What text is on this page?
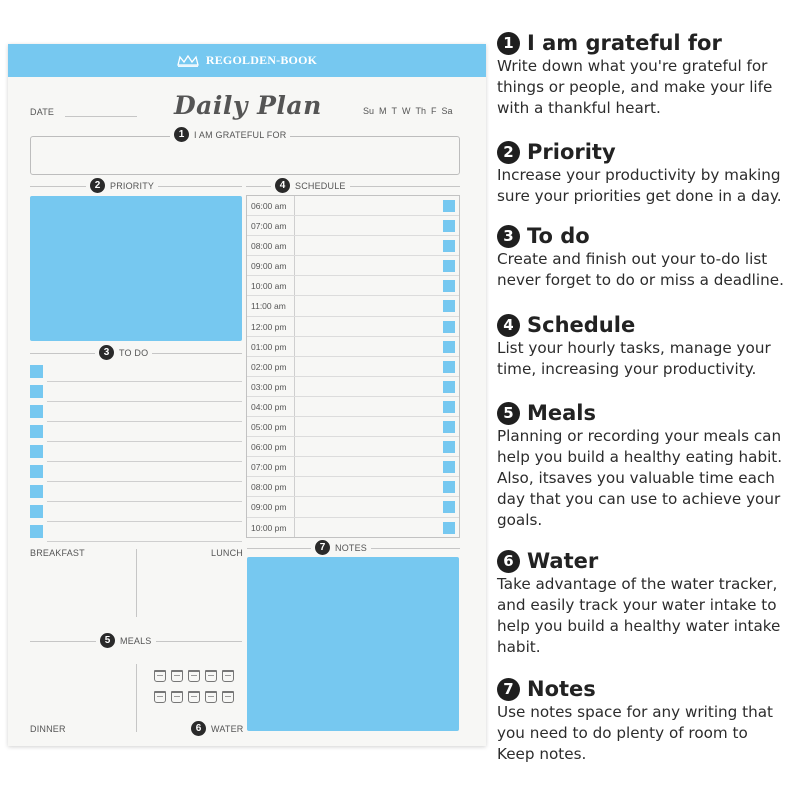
REGOLDEN-BOOK
DATE	Daily Plan	Su M T W Th F Sa
1	I AM GRATEFUL FOR
2	PRIORITY
3	TO DO
4	SCHEDULE
06:00 am
07:00 am
08:00 am
09:00 am
10:00 am
11:00 am
12:00 pm
01:00 pm
02:00 pm
03:00 pm
04:00 pm
05:00 pm
06:00 pm
07:00 pm
08:00 pm
09:00 pm
10:00 pm
BREAKFAST	LUNCH
5	MEALS
DINNER	6	WATER
7	NOTES
1 I am grateful for
Write down what you're grateful for
things or people, and make your life
with a thankful heart.
2 Priority
Increase your productivity by making
sure your priorities get done in a day.
3 To do
Create and finish out your to-do list
never forget to do or miss a deadline.
4 Schedule
List your hourly tasks, manage your
time, increasing your productivity.
5 Meals
Planning or recording your meals can
help you build a healthy eating habit.
Also, itsaves you valuable time each
day that you can use to achieve your
goals.
6 Water
Take advantage of the water tracker,
and easily track your water intake to
help you build a healthy water intake
habit.
7 Notes
Use notes space for any writing that
you need to do plenty of room to
Keep notes.
